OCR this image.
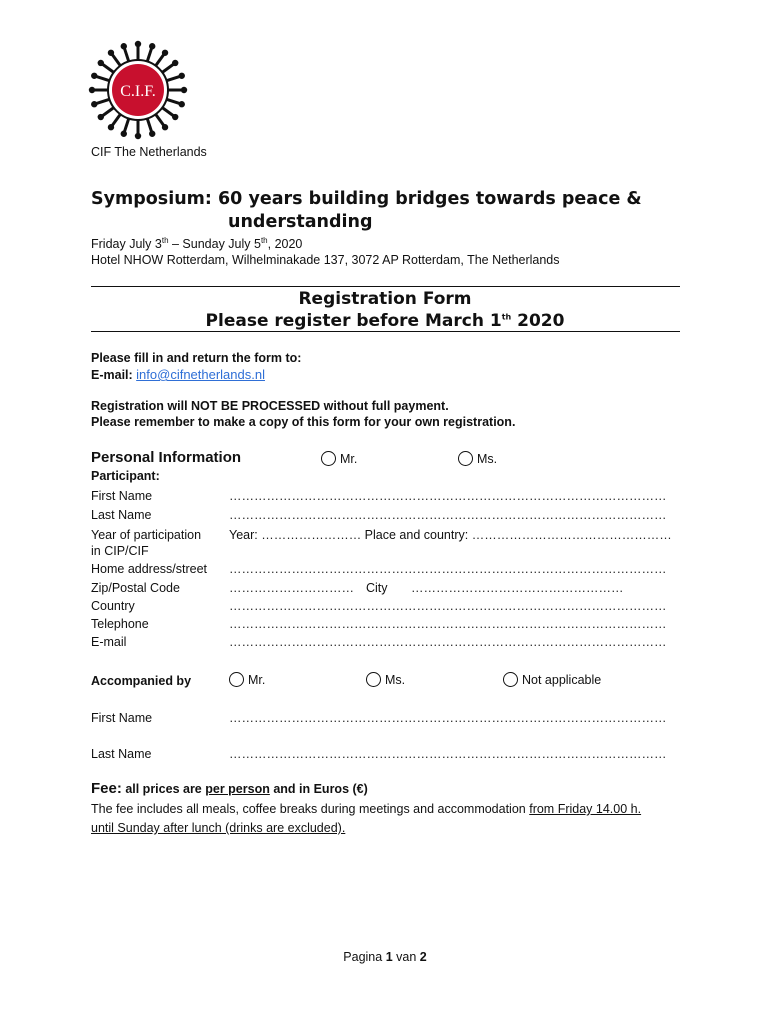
C.I.F.
CIF The Netherlands
Symposium: 60 years building bridges towards peace &
understanding
Friday July 3th – Sunday July 5th, 2020
Hotel NHOW Rotterdam, Wilhelminakade 137, 3072 AP Rotterdam, The Netherlands
Registration Form
Please register before March 1th 2020
Please fill in and return the form to:
E-mail: info@cifnetherlands.nl
Registration will NOT BE PROCESSED without full payment.
Please remember to make a copy of this form for your own registration.
Personal Information	Mr.	Ms.
Participant:
First Name	……………………………………………………………………………………………
Last Name	……………………………………………………………………………………………
Year of participation
in CIP/CIF
Year: …………………… Place and country: …………………………………………
Home address/street ……………………………………………………………………………………………
Zip/Postal Code	………………………… City ……………………………………………
Country	……………………………………………………………………………………………
Telephone	……………………………………………………………………………………………
E-mail	……………………………………………………………………………………………
Accompanied by	Mr.	Ms.	Not applicable
First Name	……………………………………………………………………………………………
Last Name	……………………………………………………………………………………………
Fee: all prices are per person and in Euros (€)
The fee includes all meals, coffee breaks during meetings and accommodation from Friday 14.00 h.
until Sunday after lunch (drinks are excluded).
Pagina 1 van 2
